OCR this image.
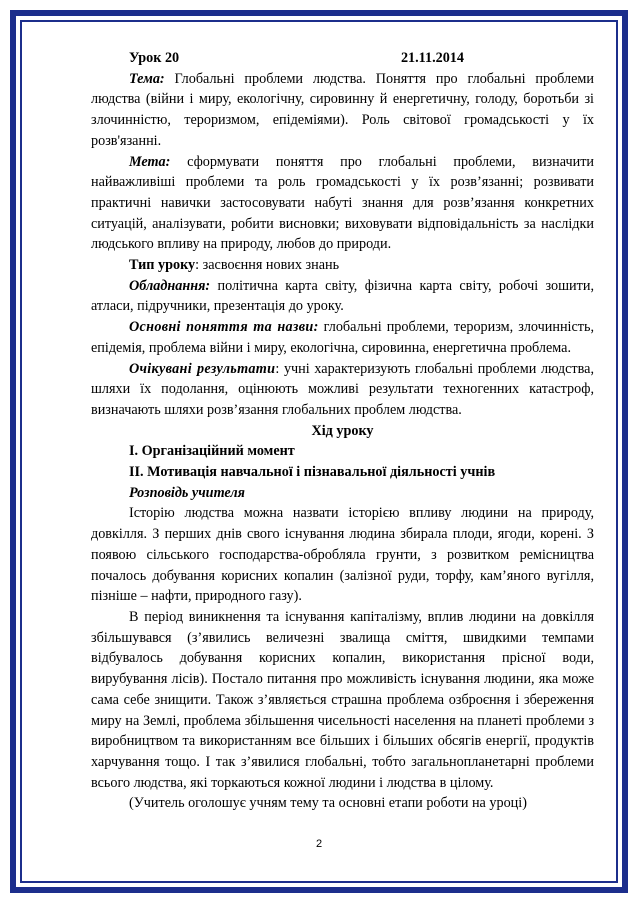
Урок 20	21.11.2014

Тема: Глобальні проблеми людства. Поняття про глобальні проблеми людства (війни і миру, екологічну, сировинну й енергетичну, голоду, боротьби зі злочинністю, тероризмом, епідеміями). Роль світової громадськості у їх розв'язанні.

Мета: сформувати поняття про глобальні проблеми, визначити найважливіші проблеми та роль громадськості у їх розв’язанні; розвивати практичні навички застосовувати набуті знання для розв’язання конкретних ситуацій, аналізувати, робити висновки; виховувати відповідальність за наслідки людського впливу на природу, любов до природи.

Тип уроку: засвоєння нових знань

Обладнання: політична карта світу, фізична карта світу, робочі зошити, атласи, підручники, презентація до уроку.

Основні поняття та назви: глобальні проблеми, тероризм, злочинність, епідемія, проблема війни і миру, екологічна, сировинна, енергетична проблема.

Очікувані результати: учні характеризують глобальні проблеми людства, шляхи їх подолання, оцінюють можливі результати техногенних катастроф, визначають шляхи розв’язання глобальних проблем людства.

Хід уроку

І. Організаційний момент

ІІ. Мотивація навчальної і пізнавальної діяльності учнів

Розповідь учителя

Історію людства можна назвати історією впливу людини на природу, довкілля. З перших днів свого існування людина збирала плоди, ягоди, корені. З появою сільського господарства-обробляла грунти, з розвитком ремісництва почалось добування корисних копалин (залізної руди, торфу, кам’яного вугілля, пізніше – нафти, природного газу).

В період виникнення та існування капіталізму, вплив людини на довкілля збільшувався (з’явились величезні звалища сміття, швидкими темпами відбувалось добування корисних копалин, використання прісної води, вирубування лісів). Постало питання про можливість існування людини, яка може сама себе знищити. Також з’являється страшна проблема озброєння і збереження миру на Землі, проблема збільшення чисельності населення на планеті проблеми з виробництвом та використанням все більших і більших обсягів енергії, продуктів харчування тощо. І так з’явилися глобальні, тобто загальнопланетарні проблеми всього людства, які торкаються кожної людини і людства в цілому.

(Учитель оголошує учням тему та основні етапи роботи на уроці)

2
